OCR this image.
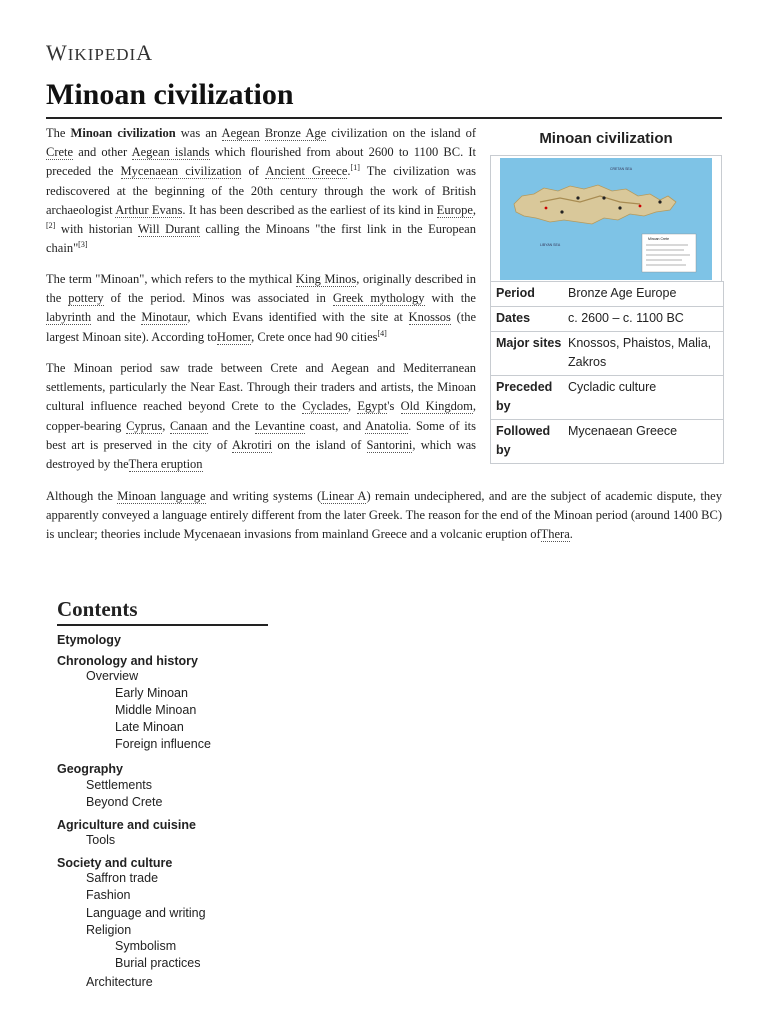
WIKIPEDIA
Minoan civilization

The Minoan civilization was an Aegean Bronze Age civilization on the island of Crete and other Aegean islands which flourished from about 2600 to 1100 BC. It preceded the Mycenaean civilization of Ancient Greece.[1] The civilization was rediscovered at the beginning of the 20th century through the work of British archaeologist Arthur Evans. It has been described as the earliest of its kind in Europe,[2] with historian Will Durant calling the Minoans "the first link in the European chain"[3]

The term "Minoan", which refers to the mythical King Minos, originally described in the pottery of the period. Minos was associated in Greek mythology with the labyrinth and the Minotaur, which Evans identified with the site at Knossos (the largest Minoan site). According toHomer, Crete once had 90 cities[4]

The Minoan period saw trade between Crete and Aegean and Mediterranean settlements, particularly the Near East. Through their traders and artists, the Minoan cultural influence reached beyond Crete to the Cyclades, Egypt's Old Kingdom, copper-bearing Cyprus, Canaan and the Levantine coast, and Anatolia. Some of its best art is preserved in the city of Akrotiri on the island of Santorini, which was destroyed by theThera eruption

Although the Minoan language and writing systems (Linear A) remain undeciphered, and are the subject of academic dispute, they apparently conveyed a language entirely different from the later Greek. The reason for the end of the Minoan period (around 1400 BC) is unclear; theories include Mycenaean invasions from mainland Greece and a volcanic eruption ofThera.

Minoan civilization
CRETAN SEA
LIBYAN SEA
Minoan Crete
Period	Bronze Age Europe
Dates	c. 2600 – c. 1100 BC
Major sites Knossos, Phaistos, Malia, Zakros
Preceded by
Cycladic culture
Followed by
Mycenaean Greece
Contents
Etymology
Chronology and history
Overview
Early Minoan
Middle Minoan
Late Minoan
Foreign influence
Geography
Settlements
Beyond Crete
Agriculture and cuisine
Tools
Society and culture
Saffron trade
Fashion
Language and writing
Religion
Symbolism
Burial practices
Architecture
